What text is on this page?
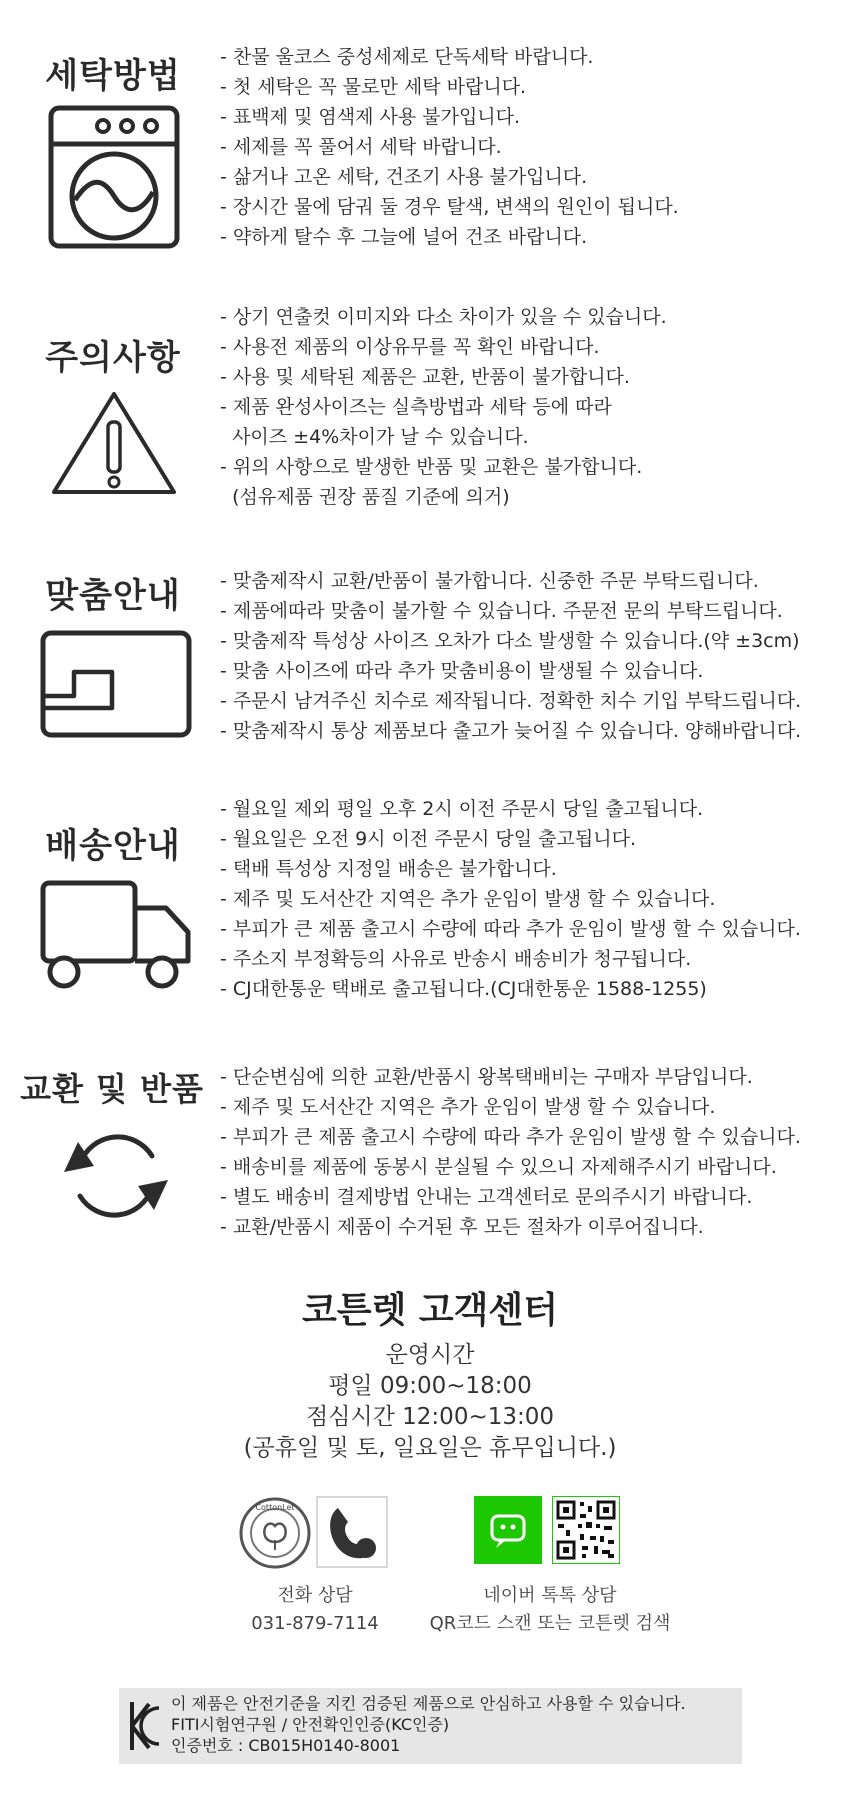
세탁방법 - 찬물 울코스 중성세제로 단독세탁 바랍니다.
- 첫 세탁은 꼭 물로만 세탁 바랍니다.
- 표백제 및 염색제 사용 불가입니다.
- 세제를 꼭 풀어서 세탁 바랍니다.
- 삶거나 고온 세탁, 건조기 사용 불가입니다.
- 장시간 물에 담궈 둘 경우 탈색, 변색의 원인이 됩니다.
- 약하게 탈수 후 그늘에 널어 건조 바랍니다.
주의사항
- 상기 연출컷 이미지와 다소 차이가 있을 수 있습니다.
- 사용전 제품의 이상유무를 꼭 확인 바랍니다.
- 사용 및 세탁된 제품은 교환, 반품이 불가합니다.
- 제품 완성사이즈는 실측방법과 세탁 등에 따라
사이즈 ±4%차이가 날 수 있습니다.
- 위의 사항으로 발생한 반품 및 교환은 불가합니다.
(섬유제품 권장 품질 기준에 의거)
맞춤안내 - 맞춤제작시 교환/반품이 불가합니다. 신중한 주문 부탁드립니다.
- 제품에따라 맞춤이 불가할 수 있습니다. 주문전 문의 부탁드립니다.
- 맞춤제작 특성상 사이즈 오차가 다소 발생할 수 있습니다.(약 ±3cm)
- 맞춤 사이즈에 따라 추가 맞춤비용이 발생될 수 있습니다.
- 주문시 남겨주신 치수로 제작됩니다. 정확한 치수 기입 부탁드립니다.
- 맞춤제작시 통상 제품보다 출고가 늦어질 수 있습니다. 양해바랍니다.
배송안내
- 월요일 제외 평일 오후 2시 이전 주문시 당일 출고됩니다.
- 월요일은 오전 9시 이전 주문시 당일 출고됩니다.
- 택배 특성상 지정일 배송은 불가합니다.
- 제주 및 도서산간 지역은 추가 운임이 발생 할 수 있습니다.
- 부피가 큰 제품 출고시 수량에 따라 추가 운임이 발생 할 수 있습니다.
- 주소지 부정확등의 사유로 반송시 배송비가 청구됩니다.
- CJ대한통운 택배로 출고됩니다.(CJ대한통운 1588-1255)
교환 및 반품 - 단순변심에 의한 교환/반품시 왕복택배비는 구매자 부담입니다.
- 제주 및 도서산간 지역은 추가 운임이 발생 할 수 있습니다.
- 부피가 큰 제품 출고시 수량에 따라 추가 운임이 발생 할 수 있습니다.
- 배송비를 제품에 동봉시 분실될 수 있으니 자제해주시기 바랍니다.
- 별도 배송비 결제방법 안내는 고객센터로 문의주시기 바랍니다.
- 교환/반품시 제품이 수거된 후 모든 절차가 이루어집니다.
코튼렛 고객센터
운영시간
평일 09:00~18:00
점심시간 12:00~13:00
(공휴일 및 토, 일요일은 휴무입니다.)
CottonLet
전화 상담
031-879-7114
네이버 톡톡 상담
QR코드 스캔 또는 코튼렛 검색
이 제품은 안전기준을 지킨 검증된 제품으로 안심하고 사용할 수 있습니다.
FITI시험연구원 / 안전확인인증(KC인증)
인증번호 : CB015H0140-8001
